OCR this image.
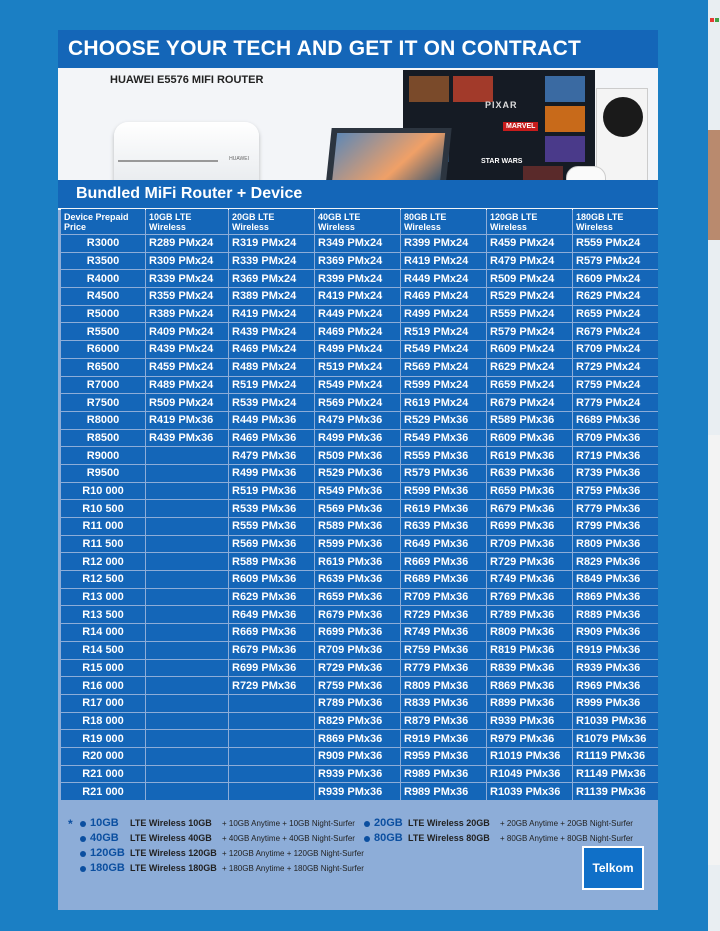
CHOOSE YOUR TECH AND GET IT ON CONTRACT
HUAWEI E5576 MIFI ROUTER
HUAWEI
PIXAR
MARVEL
STAR WARS
Bundled MiFi Router + Device
Device Prepaid Price	10GB LTE Wireless	20GB LTE Wireless	40GB LTE Wireless	80GB LTE Wireless	120GB LTE Wireless	180GB LTE Wireless
R3000	R289 PMx24	R319 PMx24	R349 PMx24	R399 PMx24	R459 PMx24	R559 PMx24
R3500	R309 PMx24	R339 PMx24	R369 PMx24	R419 PMx24	R479 PMx24	R579 PMx24
R4000	R339 PMx24	R369 PMx24	R399 PMx24	R449 PMx24	R509 PMx24	R609 PMx24
R4500	R359 PMx24	R389 PMx24	R419 PMx24	R469 PMx24	R529 PMx24	R629 PMx24
R5000	R389 PMx24	R419 PMx24	R449 PMx24	R499 PMx24	R559 PMx24	R659 PMx24
R5500	R409 PMx24	R439 PMx24	R469 PMx24	R519 PMx24	R579 PMx24	R679 PMx24
R6000	R439 PMx24	R469 PMx24	R499 PMx24	R549 PMx24	R609 PMx24	R709 PMx24
R6500	R459 PMx24	R489 PMx24	R519 PMx24	R569 PMx24	R629 PMx24	R729 PMx24
R7000	R489 PMx24	R519 PMx24	R549 PMx24	R599 PMx24	R659 PMx24	R759 PMx24
R7500	R509 PMx24	R539 PMx24	R569 PMx24	R619 PMx24	R679 PMx24	R779 PMx24
R8000	R419 PMx36	R449 PMx36	R479 PMx36	R529 PMx36	R589 PMx36	R689 PMx36
R8500	R439 PMx36	R469 PMx36	R499 PMx36	R549 PMx36	R609 PMx36	R709 PMx36
R9000		R479 PMx36	R509 PMx36	R559 PMx36	R619 PMx36	R719 PMx36
R9500		R499 PMx36	R529 PMx36	R579 PMx36	R639 PMx36	R739 PMx36
R10 000		R519 PMx36	R549 PMx36	R599 PMx36	R659 PMx36	R759 PMx36
R10 500		R539 PMx36	R569 PMx36	R619 PMx36	R679 PMx36	R779 PMx36
R11 000		R559 PMx36	R589 PMx36	R639 PMx36	R699 PMx36	R799 PMx36
R11 500		R569 PMx36	R599 PMx36	R649 PMx36	R709 PMx36	R809 PMx36
R12 000		R589 PMx36	R619 PMx36	R669 PMx36	R729 PMx36	R829 PMx36
R12 500		R609 PMx36	R639 PMx36	R689 PMx36	R749 PMx36	R849 PMx36
R13 000		R629 PMx36	R659 PMx36	R709 PMx36	R769 PMx36	R869 PMx36
R13 500		R649 PMx36	R679 PMx36	R729 PMx36	R789 PMx36	R889 PMx36
R14 000		R669 PMx36	R699 PMx36	R749 PMx36	R809 PMx36	R909 PMx36
R14 500		R679 PMx36	R709 PMx36	R759 PMx36	R819 PMx36	R919 PMx36
R15 000		R699 PMx36	R729 PMx36	R779 PMx36	R839 PMx36	R939 PMx36
R16 000		R729 PMx36	R759 PMx36	R809 PMx36	R869 PMx36	R969 PMx36
R17 000			R789 PMx36	R839 PMx36	R899 PMx36	R999 PMx36
R18 000			R829 PMx36	R879 PMx36	R939 PMx36	R1039 PMx36
R19 000			R869 PMx36	R919 PMx36	R979 PMx36	R1079 PMx36
R20 000			R909 PMx36	R959 PMx36	R1019 PMx36	R1119 PMx36
R21 000			R939 PMx36	R989 PMx36	R1049 PMx36	R1149 PMx36
R21 000			R939 PMx36	R989 PMx36	R1039 PMx36	R1139 PMx36
*	10GB LTE Wireless 10GB + 10GB Anytime + 10GB Night-Surfer
40GB LTE Wireless 40GB + 40GB Anytime + 40GB Night-Surfer
120GB LTE Wireless 120GB + 120GB Anytime + 120GB Night-Surfer
180GB LTE Wireless 180GB + 180GB Anytime + 180GB Night-Surfer
20GB LTE Wireless 20GB + 20GB Anytime + 20GB Night-Surfer
80GB LTE Wireless 80GB + 80GB Anytime + 80GB Night-Surfer
Telkom
